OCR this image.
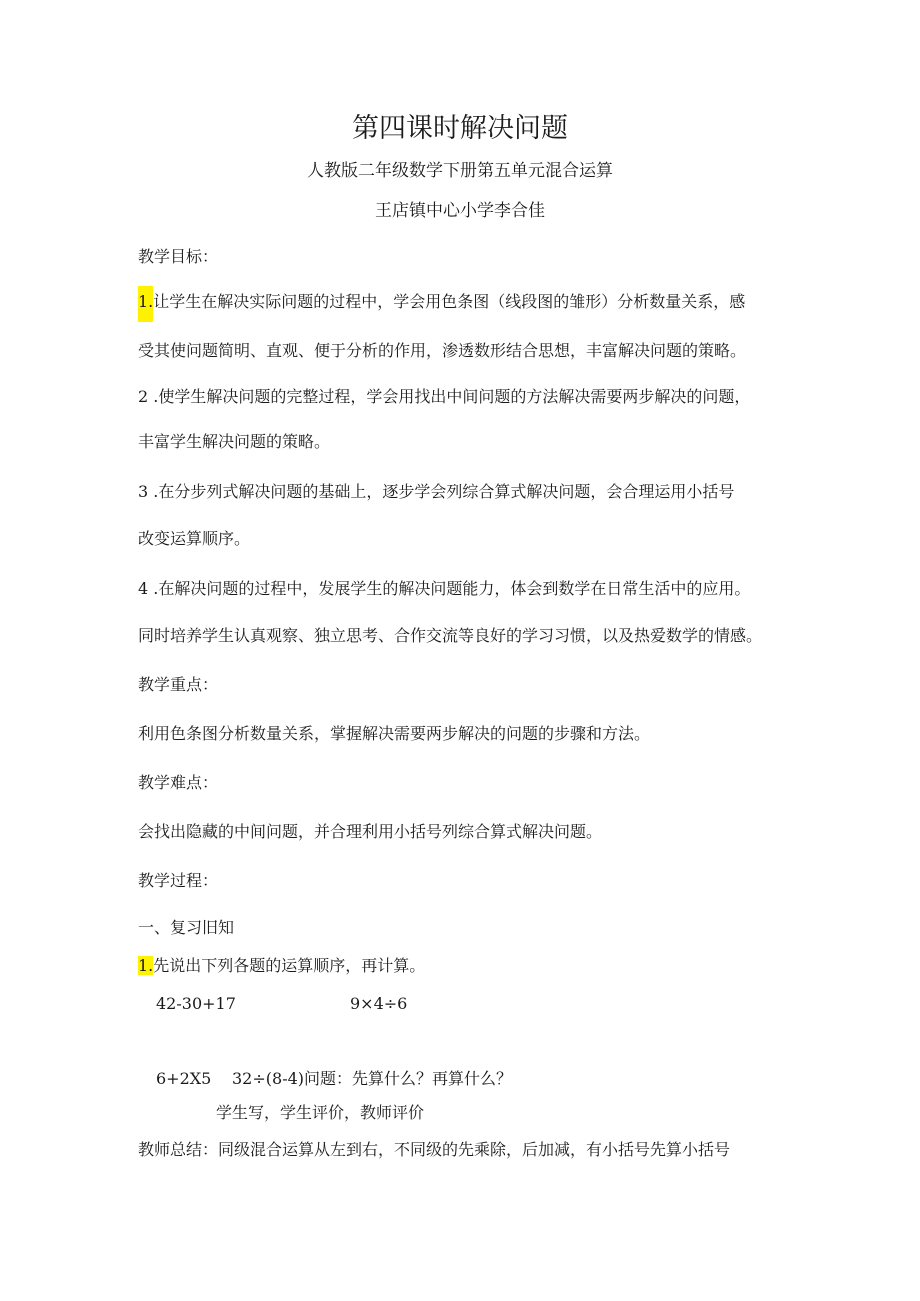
第四课时解决问题
人教版二年级数学下册第五单元混合运算
王店镇中心小学李合佳
教学目标：
1.让学生在解决实际问题的过程中，学会用色条图（线段图的雏形）分析数量关系，感
受其使问题简明、直观、便于分析的作用，渗透数形结合思想，丰富解决问题的策略。
2 .使学生解决问题的完整过程，学会用找出中间问题的方法解决需要两步解决的问题，
丰富学生解决问题的策略。
3 .在分步列式解决问题的基础上，逐步学会列综合算式解决问题，会合理运用小括号
改变运算顺序。
4 .在解决问题的过程中，发展学生的解决问题能力，体会到数学在日常生活中的应用。
同时培养学生认真观察、独立思考、合作交流等良好的学习习惯，以及热爱数学的情感。
教学重点：
利用色条图分析数量关系，掌握解决需要两步解决的问题的步骤和方法。
教学难点：
会找出隐藏的中间问题，并合理利用小括号列综合算式解决问题。
教学过程：
一、复习旧知
1.先说出下列各题的运算顺序，再计算。
42-30+17	9×4÷6
6+2X5 32÷(8-4)问题：先算什么？再算什么？
学生写，学生评价，教师评价
教师总结：同级混合运算从左到右，不同级的先乘除，后加减，有小括号先算小括号
